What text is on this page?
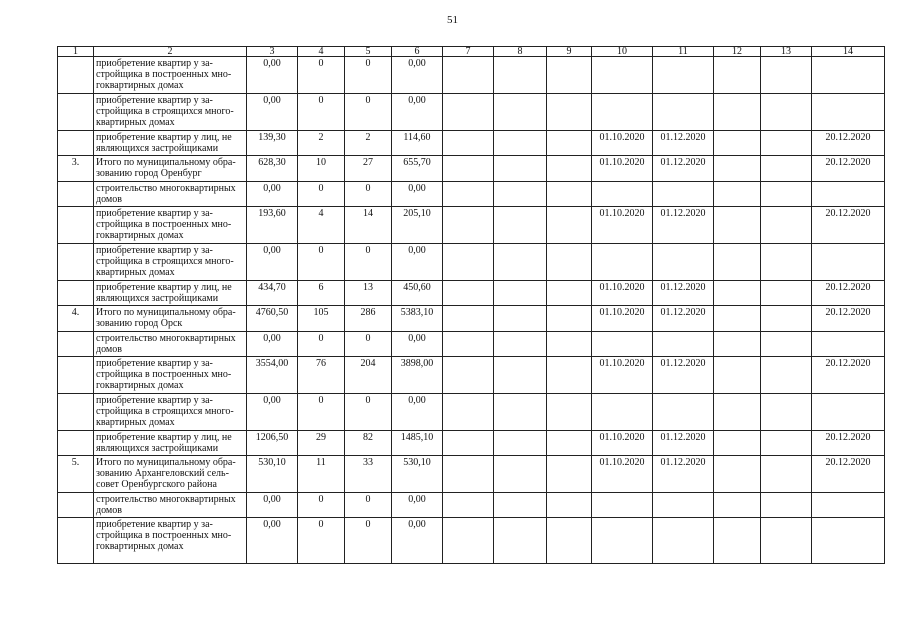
51
1	2	3	4	5	6	7	8	9	10	11	12	13	14
	приобретение квартир у за-стройщика в построенных мно-гоквартирных домах	0,00	0	0	0,00								
	приобретение квартир у за-стройщика в строящихся много-квартирных домах	0,00	0	0	0,00								
	приобретение квартир у лиц, не являющихся застройщиками	139,30	2	2	114,60				01.10.2020	01.12.2020			20.12.2020
3.	Итого по муниципальному обра-зованию город Оренбург	628,30	10	27	655,70				01.10.2020	01.12.2020			20.12.2020
	строительство многоквартирных домов	0,00	0	0	0,00								
	приобретение квартир у за-стройщика в построенных мно-гоквартирных домах	193,60	4	14	205,10				01.10.2020	01.12.2020			20.12.2020
	приобретение квартир у за-стройщика в строящихся много-квартирных домах	0,00	0	0	0,00								
	приобретение квартир у лиц, не являющихся застройщиками	434,70	6	13	450,60				01.10.2020	01.12.2020			20.12.2020
4.	Итого по муниципальному обра-зованию город Орск	4760,50	105	286	5383,10				01.10.2020	01.12.2020			20.12.2020
	строительство многоквартирных домов	0,00	0	0	0,00								
	приобретение квартир у за-стройщика в построенных мно-гоквартирных домах	3554,00	76	204	3898,00				01.10.2020	01.12.2020			20.12.2020
	приобретение квартир у за-стройщика в строящихся много-квартирных домах	0,00	0	0	0,00								
	приобретение квартир у лиц, не являющихся застройщиками	1206,50	29	82	1485,10				01.10.2020	01.12.2020			20.12.2020
5.	Итого по муниципальному обра-зованию Архангеловский сель-совет Оренбургского района	530,10	11	33	530,10				01.10.2020	01.12.2020			20.12.2020
	строительство многоквартирных домов	0,00	0	0	0,00								
	приобретение квартир у за-стройщика в построенных мно-гоквартирных домах	0,00	0	0	0,00								
